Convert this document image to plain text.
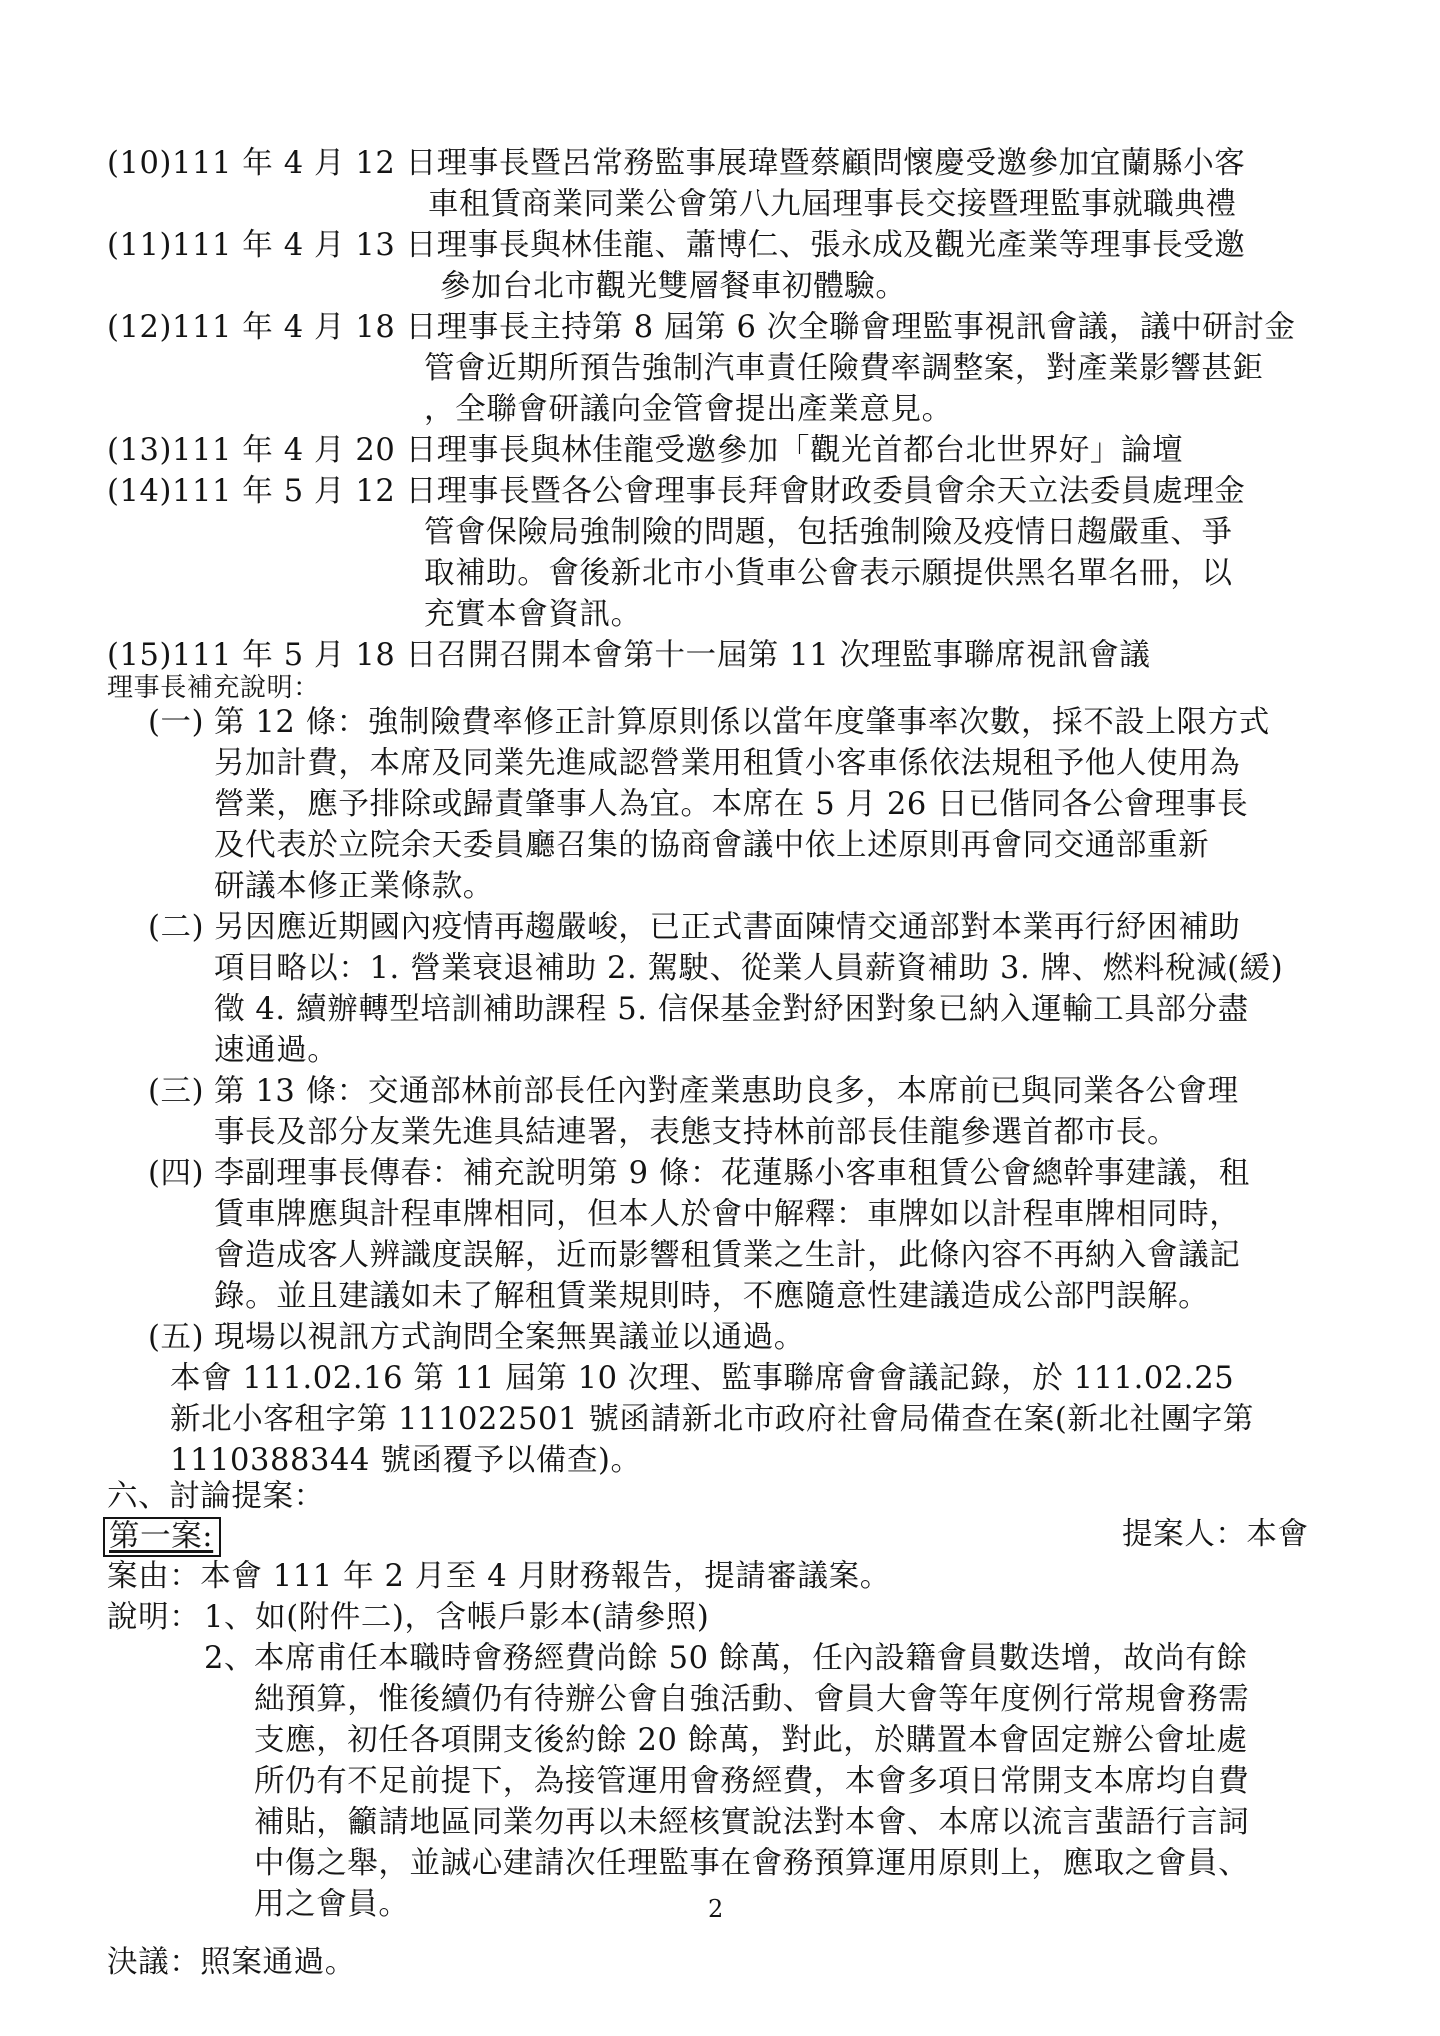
(10) 111 年 4 月 12 日理事長暨呂常務監事展瑋暨蔡顧問懷慶受邀參加宜蘭縣小客
車租賃商業同業公會第八九屆理事長交接暨理監事就職典禮
(11) 111 年 4 月 13 日理事長與林佳龍、蕭博仁、張永成及觀光產業等理事長受邀
參加台北市觀光雙層餐車初體驗。
(12) 111 年 4 月 18 日理事長主持第 8 屆第 6 次全聯會理監事視訊會議，議中研討金
管會近期所預告強制汽車責任險費率調整案，對產業影響甚鉅
，全聯會研議向金管會提出產業意見。
(13) 111 年 4 月 20 日理事長與林佳龍受邀參加「觀光首都台北世界好」論壇
(14) 111 年 5 月 12 日理事長暨各公會理事長拜會財政委員會余天立法委員處理金
管會保險局強制險的問題，包括強制險及疫情日趨嚴重、爭
取補助。會後新北市小貨車公會表示願提供黑名單名冊，以
充實本會資訊。
(15) 111 年 5 月 18 日召開召開本會第十一屆第 11 次理監事聯席視訊會議
理事長補充說明：
(一) 第 12 條：強制險費率修正計算原則係以當年度肇事率次數，採不設上限方式
另加計費，本席及同業先進咸認營業用租賃小客車係依法規租予他人使用為
營業，應予排除或歸責肇事人為宜。本席在 5 月 26 日已偕同各公會理事長
及代表於立院余天委員廳召集的協商會議中依上述原則再會同交通部重新
研議本修正業條款。
(二) 另因應近期國內疫情再趨嚴峻，已正式書面陳情交通部對本業再行紓困補助
項目略以：1. 營業衰退補助 2. 駕駛、從業人員薪資補助 3. 牌、燃料稅減(緩)
徵 4. 續辦轉型培訓補助課程 5. 信保基金對紓困對象已納入運輸工具部分盡
速通過。
(三) 第 13 條：交通部林前部長任內對產業惠助良多，本席前已與同業各公會理
事長及部分友業先進具結連署，表態支持林前部長佳龍參選首都市長。
(四) 李副理事長傳春：補充說明第 9 條：花蓮縣小客車租賃公會總幹事建議，租
賃車牌應與計程車牌相同，但本人於會中解釋：車牌如以計程車牌相同時，
會造成客人辨識度誤解，近而影響租賃業之生計，此條內容不再納入會議記
錄。並且建議如未了解租賃業規則時，不應隨意性建議造成公部門誤解。
(五) 現場以視訊方式詢問全案無異議並以通過。
本會 111.02.16 第 11 屆第 10 次理、監事聯席會會議記錄，於 111.02.25
新北小客租字第 111022501 號函請新北市政府社會局備查在案(新北社團字第
1110388344 號函覆予以備查)。
六、討論提案：
第一案:	提案人：本會
案由：本會 111 年 2 月至 4 月財務報告，提請審議案。
說明： 1、如(附件二)，含帳戶影本(請參照)
2、
本席甫任本職時會務經費尚餘 50 餘萬，任內設籍會員數迭增，故尚有餘
絀預算，惟後續仍有待辦公會自強活動、會員大會等年度例行常規會務需
支應，初任各項開支後約餘 20 餘萬，對此，於購置本會固定辦公會址處
所仍有不足前提下，為接管運用會務經費，本會多項日常開支本席均自費
補貼，籲請地區同業勿再以未經核實說法對本會、本席以流言蜚語行言詞
中傷之舉，並誠心建請次任理監事在會務預算運用原則上，應取之會員、
用之會員。
決議：照案通過。
2
